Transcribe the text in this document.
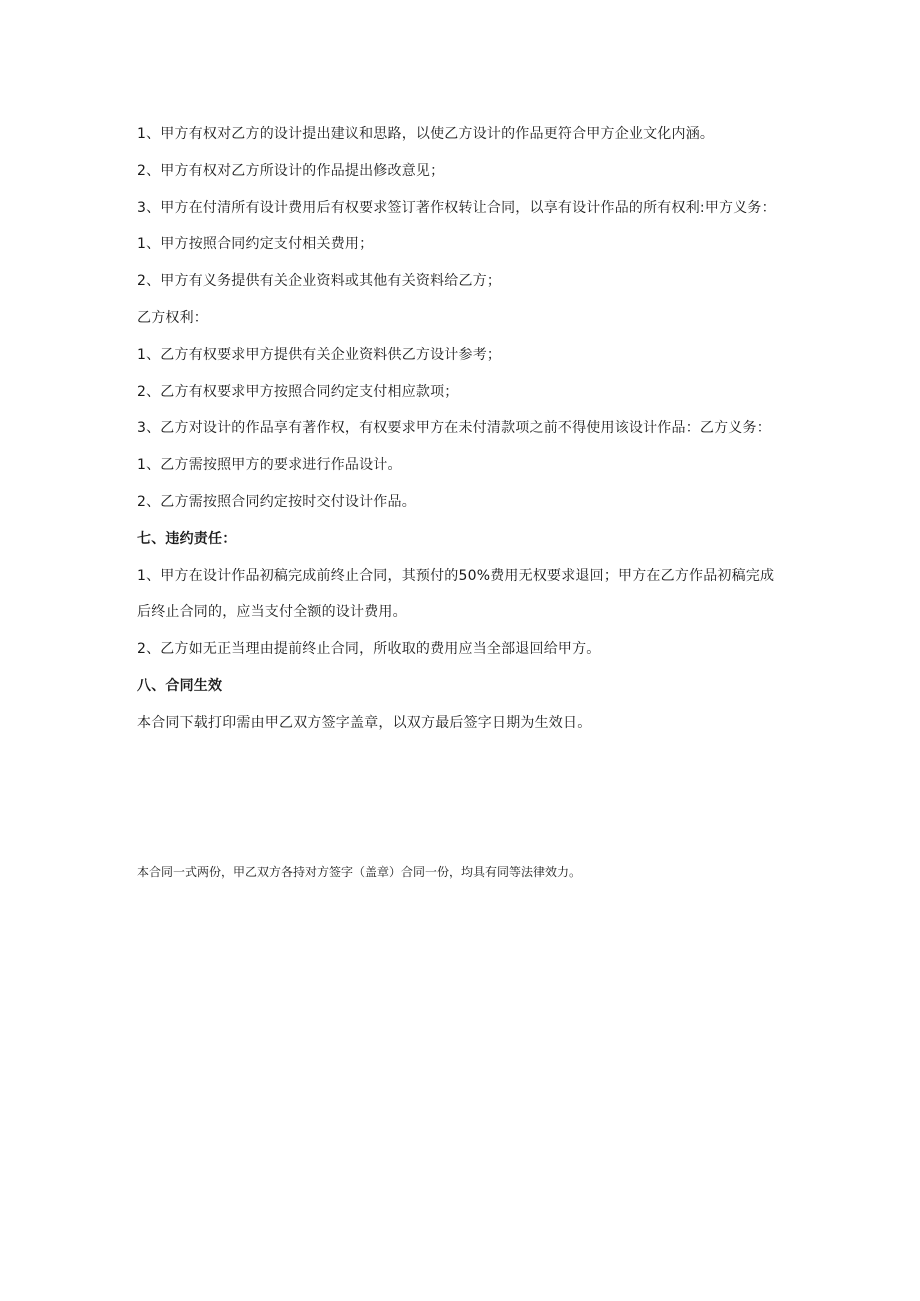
1、甲方有权对乙方的设计提出建议和思路，以使乙方设计的作品更符合甲方企业文化内涵。

2、甲方有权对乙方所设计的作品提出修改意见；

3、甲方在付清所有设计费用后有权要求签订著作权转让合同，以享有设计作品的所有权利:甲方义务：

1、甲方按照合同约定支付相关费用；

2、甲方有义务提供有关企业资料或其他有关资料给乙方；

乙方权利：

1、乙方有权要求甲方提供有关企业资料供乙方设计参考；

2、乙方有权要求甲方按照合同约定支付相应款项；

3、乙方对设计的作品享有著作权，有权要求甲方在未付清款项之前不得使用该设计作品：乙方义务：

1、乙方需按照甲方的要求进行作品设计。

2、乙方需按照合同约定按时交付设计作品。

七、违约责任：

1、甲方在设计作品初稿完成前终止合同，其预付的50%费用无权要求退回；甲方在乙方作品初稿完成后终止合同的，应当支付全额的设计费用。

2、乙方如无正当理由提前终止合同，所收取的费用应当全部退回给甲方。

八、合同生效

本合同下载打印需由甲乙双方签字盖章，以双方最后签字日期为生效日。

本合同一式两份，甲乙双方各持对方签字（盖章）合同一份，均具有同等法律效力。
